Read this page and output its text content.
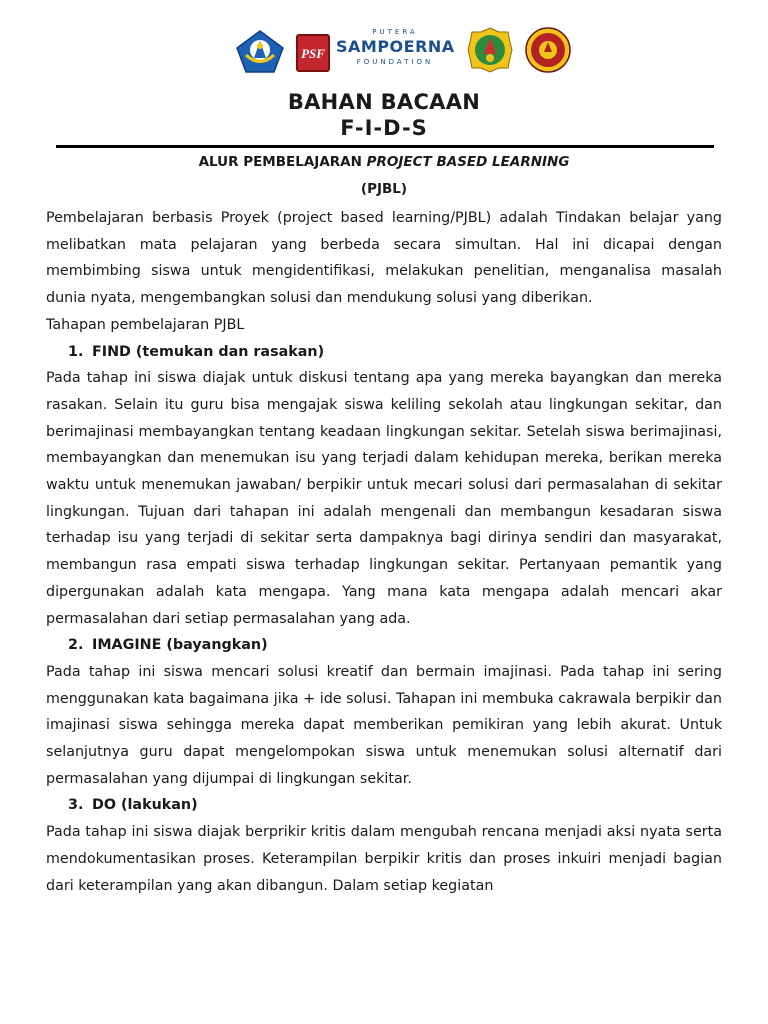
PSF
PUTERA
SAMPOERNA
FOUNDATION
BAHAN BACAAN
F-I-D-S
ALUR PEMBELAJARAN PROJECT BASED LEARNING
(PJBL)

Pembelajaran berbasis Proyek (project based learning/PJBL) adalah Tindakan belajar yang melibatkan mata pelajaran yang berbeda secara simultan. Hal ini dicapai dengan membimbing siswa untuk mengidentifikasi, melakukan penelitian, menganalisa masalah dunia nyata, mengembangkan solusi dan mendukung solusi yang diberikan.

Tahapan pembelajaran PJBL

1. FIND (temukan dan rasakan)

Pada tahap ini siswa diajak untuk diskusi tentang apa yang mereka bayangkan dan mereka rasakan. Selain itu guru bisa mengajak siswa keliling sekolah atau lingkungan sekitar, dan berimajinasi membayangkan tentang keadaan lingkungan sekitar. Setelah siswa berimajinasi, membayangkan dan menemukan isu yang terjadi dalam kehidupan mereka, berikan mereka waktu untuk menemukan jawaban/ berpikir untuk mecari solusi dari permasalahan di sekitar lingkungan. Tujuan dari tahapan ini adalah mengenali dan membangun kesadaran siswa terhadap isu yang terjadi di sekitar serta dampaknya bagi dirinya sendiri dan masyarakat, membangun rasa empati siswa terhadap lingkungan sekitar. Pertanyaan pemantik yang dipergunakan adalah kata mengapa. Yang mana kata mengapa adalah mencari akar permasalahan dari setiap permasalahan yang ada.

2. IMAGINE (bayangkan)

Pada tahap ini siswa mencari solusi kreatif dan bermain imajinasi. Pada tahap ini sering menggunakan kata bagaimana jika + ide solusi. Tahapan ini membuka cakrawala berpikir dan imajinasi siswa sehingga mereka dapat memberikan pemikiran yang lebih akurat. Untuk selanjutnya guru dapat mengelompokan siswa untuk menemukan solusi alternatif dari permasalahan yang dijumpai di lingkungan sekitar.

3. DO (lakukan)

Pada tahap ini siswa diajak berprikir kritis dalam mengubah rencana menjadi aksi nyata serta mendokumentasikan proses. Keterampilan berpikir kritis dan proses inkuiri menjadi bagian dari keterampilan yang akan dibangun. Dalam setiap kegiatan
